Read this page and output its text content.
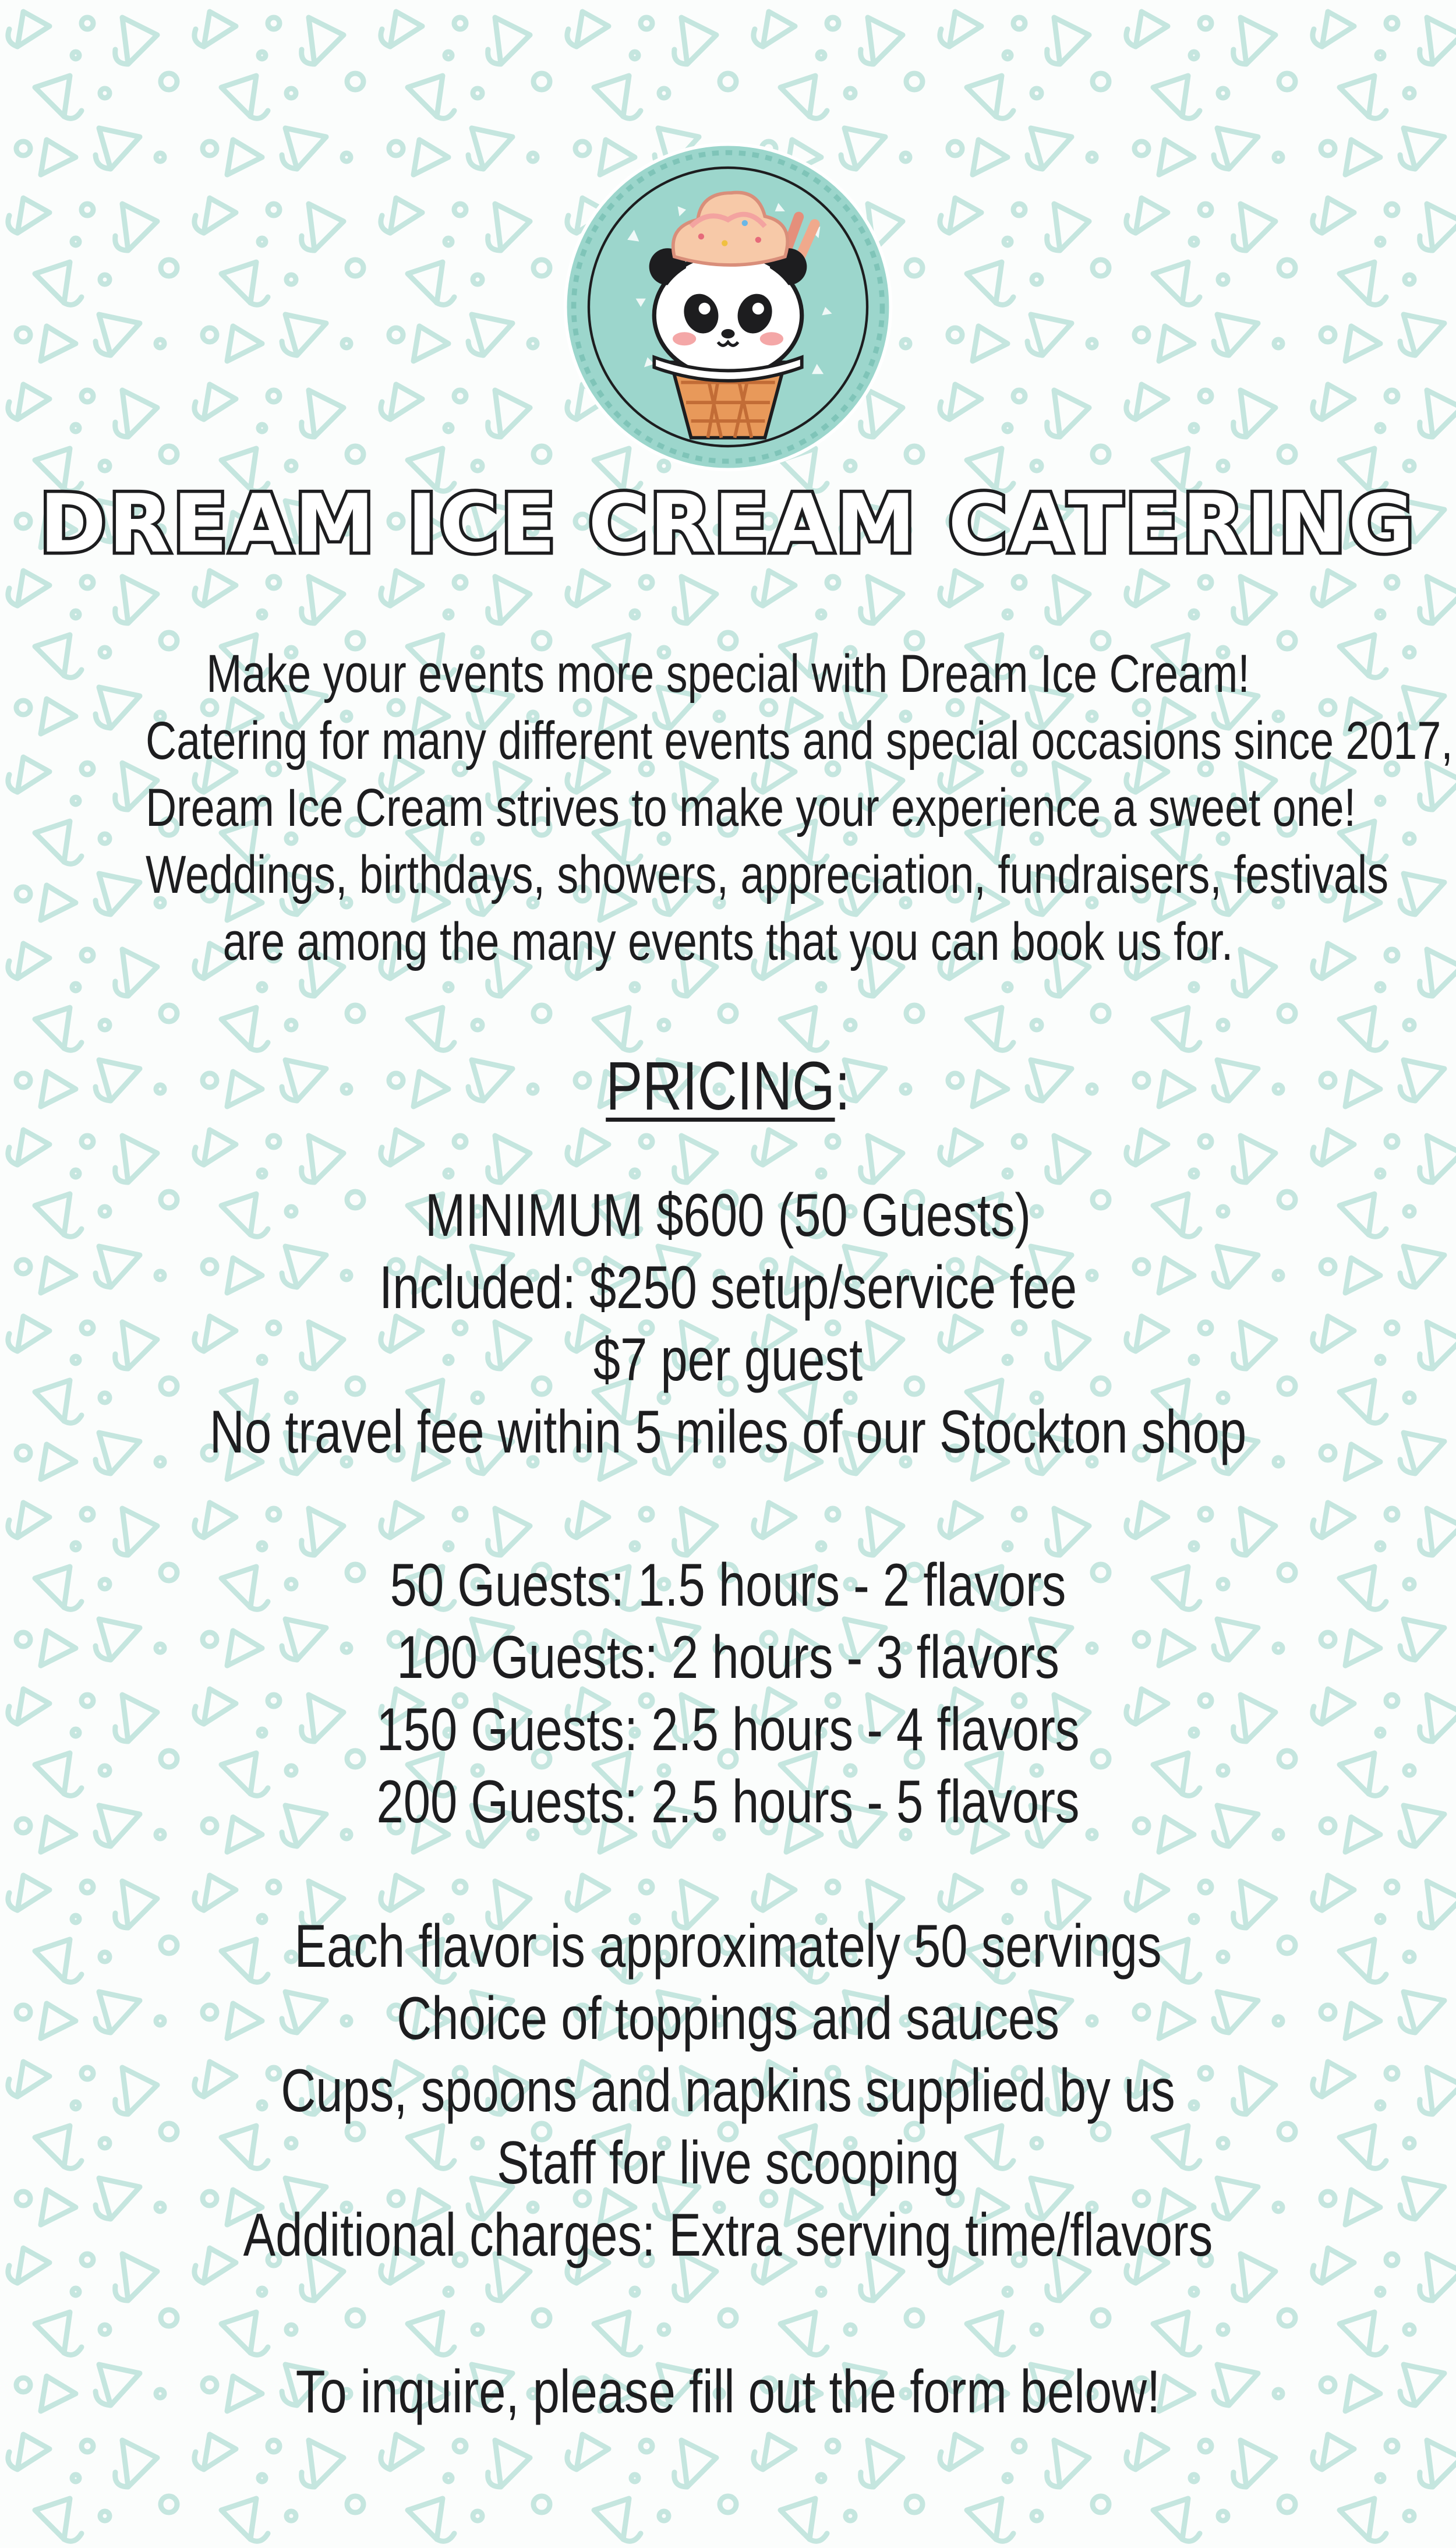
DREAM ICE CREAM CATERING
Make your events more special with Dream Ice Cream!
Catering for many different events and special occasions since 2017,
Dream Ice Cream strives to make your experience a sweet one!
Weddings, birthdays, showers, appreciation, fundraisers, festivals
are among the many events that you can book us for.
PRICING:
MINIMUM $600 (50 Guests)
Included: $250 setup/service fee
$7 per guest
No travel fee within 5 miles of our Stockton shop
50 Guests: 1.5 hours - 2 flavors
100 Guests: 2 hours - 3 flavors
150 Guests: 2.5 hours - 4 flavors
200 Guests: 2.5 hours - 5 flavors
Each flavor is approximately 50 servings
Choice of toppings and sauces
Cups, spoons and napkins supplied by us
Staff for live scooping
Additional charges: Extra serving time/flavors
To inquire, please fill out the form below!
